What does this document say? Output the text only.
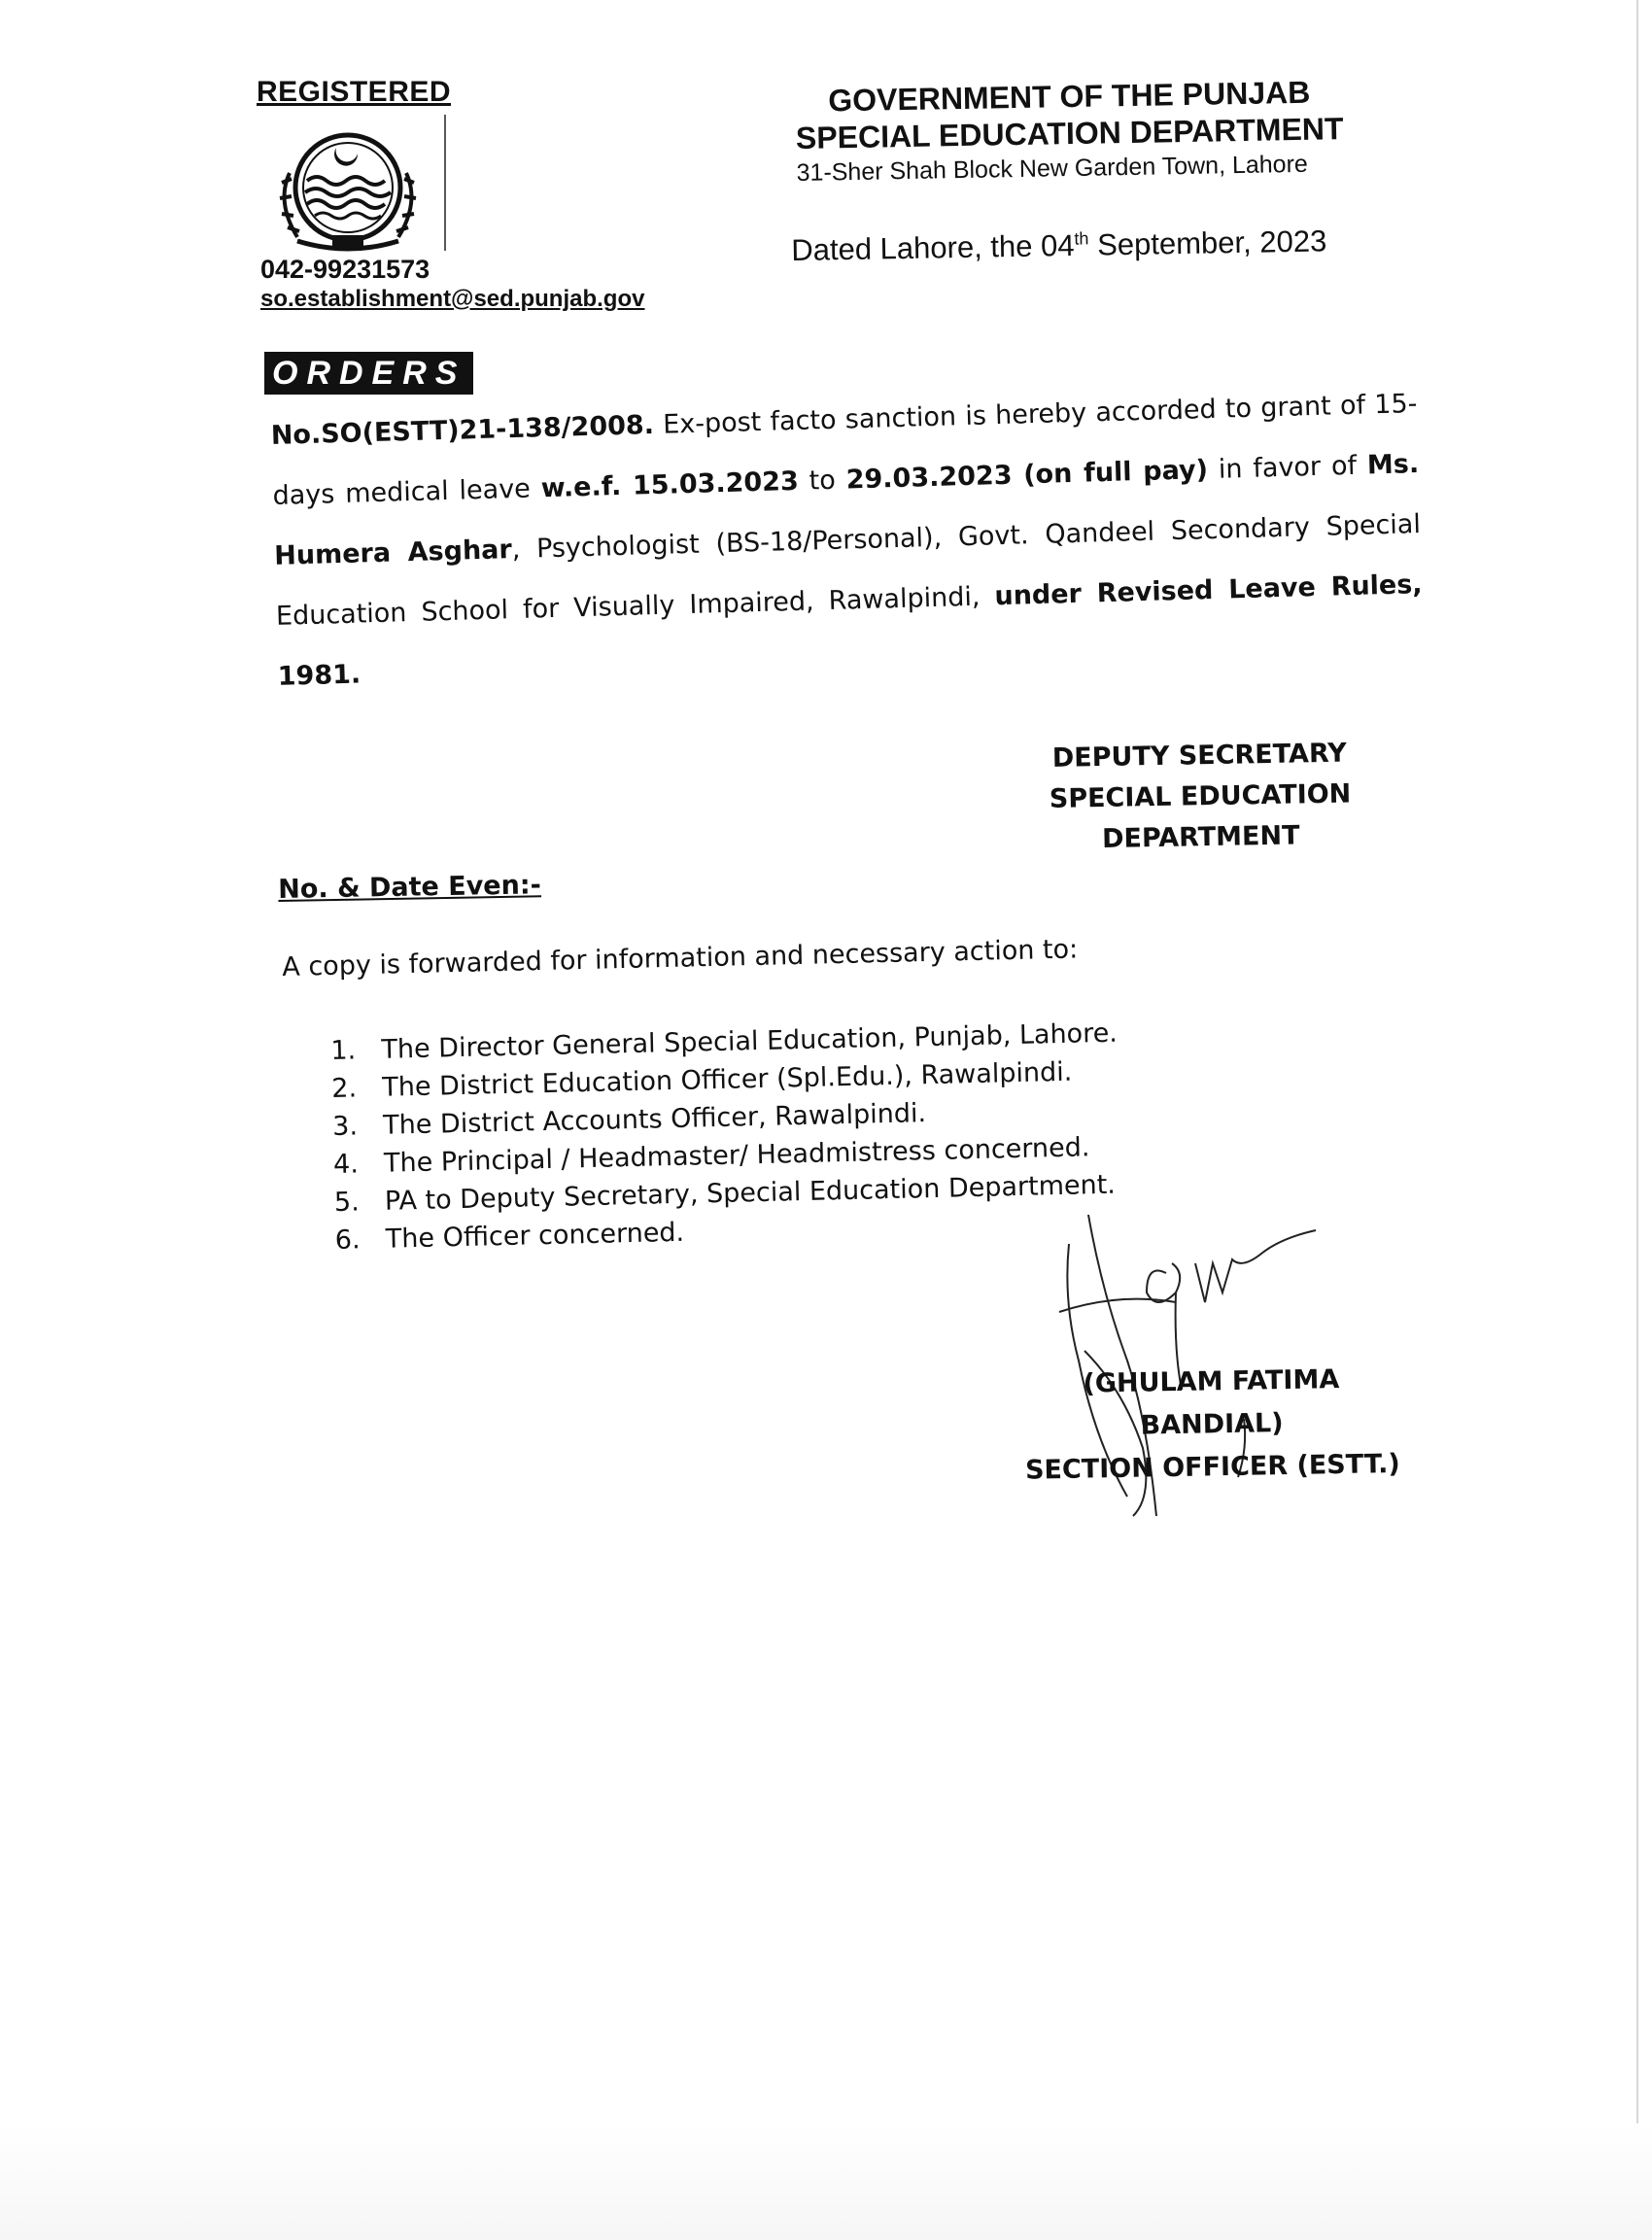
REGISTERED
042-99231573
so.establishment@sed.punjab.gov
GOVERNMENT OF THE PUNJAB
SPECIAL EDUCATION DEPARTMENT
31-Sher Shah Block New Garden Town, Lahore
Dated Lahore, the 04th September, 2023
ORDERS
No.SO(ESTT)21-138/2008. Ex-post facto sanction is hereby accorded to grant of 15-days medical leave w.e.f. 15.03.2023 to 29.03.2023 (on full pay) in favor of Ms. Humera Asghar, Psychologist (BS-18/Personal), Govt. Qandeel Secondary Special Education School for Visually Impaired, Rawalpindi, under Revised Leave Rules, 1981.
DEPUTY SECRETARY
SPECIAL EDUCATION
DEPARTMENT
No. & Date Even:-
A copy is forwarded for information and necessary action to:
1. The Director General Special Education, Punjab, Lahore.
2. The District Education Officer (Spl.Edu.), Rawalpindi.
3. The District Accounts Officer, Rawalpindi.
4. The Principal / Headmaster/ Headmistress concerned.
5. PA to Deputy Secretary, Special Education Department.
6. The Officer concerned.
(GHULAM FATIMA BANDIAL)
SECTION OFFICER (ESTT.)
